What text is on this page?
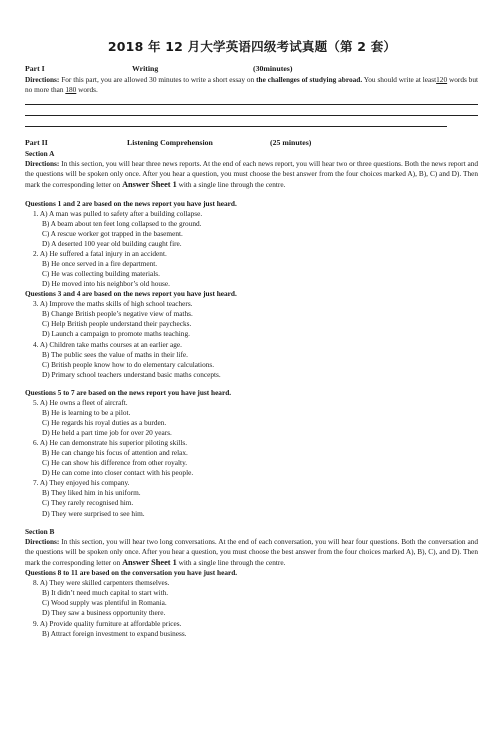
2018 年 12 月大学英语四级考试真题（第 2 套）
Part I	Writing	(30minutes)
Directions: For this part, you are allowed 30 minutes to write a short essay on the challenges of studying abroad. You should write at least120 words but no more than 180 words.
Part II	Listening Comprehension	(25 minutes)
Section A
Directions: In this section, you will hear three news reports. At the end of each news report, you will hear two or three questions. Both the news report and the questions will be spoken only once. After you hear a question, you must choose the best answer from the four choices marked A), B), C) and D). Then mark the corresponding letter on Answer Sheet 1 with a single line through the centre.
Questions 1 and 2 are based on the news report you have just heard.
1. A) A man was pulled to safety after a building collapse.
B) A beam about ten feet long collapsed to the ground.
C) A rescue worker got trapped in the basement.
D) A deserted 100 year old building caught fire.
2. A) He suffered a fatal injury in an accident.
B) He once served in a fire department.
C) He was collecting building materials.
D) He moved into his neighbor’s old house.
Questions 3 and 4 are based on the news report you have just heard.
3. A) Improve the maths skills of high school teachers.
B) Change British people’s negative view of maths.
C) Help British people understand their paychecks.
D) Launch a campaign to promote maths teaching.
4. A) Children take maths courses at an earlier age.
B) The public sees the value of maths in their life.
C) British people know how to do elementary calculations.
D) Primary school teachers understand basic maths concepts.
Questions 5 to 7 are based on the news report you have just heard.
5. A) He owns a fleet of aircraft.
B) He is learning to be a pilot.
C) He regards his royal duties as a burden.
D) He held a part time job for over 20 years.
6. A) He can demonstrate his superior piloting skills.
B) He can change his focus of attention and relax.
C) He can show his difference from other royalty.
D) He can come into closer contact with his people.
7. A) They enjoyed his company.
B) They liked him in his uniform.
C) They rarely recognised him.
D) They were surprised to see him.
Section B
Directions: In this section, you will hear two long conversations. At the end of each conversation, you will hear four questions. Both the conversation and the questions will be spoken only once. After you hear a question, you must choose the best answer from the four choices marked A), B), C), and D). Then mark the corresponding letter on Answer Sheet 1 with a single line through the centre.
Questions 8 to 11 are based on the conversation you have just heard.
8. A) They were skilled carpenters themselves.
B) It didn’t need much capital to start with.
C) Wood supply was plentiful in Romania.
D) They saw a business opportunity there.
9. A) Provide quality furniture at affordable prices.
B) Attract foreign investment to expand business.
